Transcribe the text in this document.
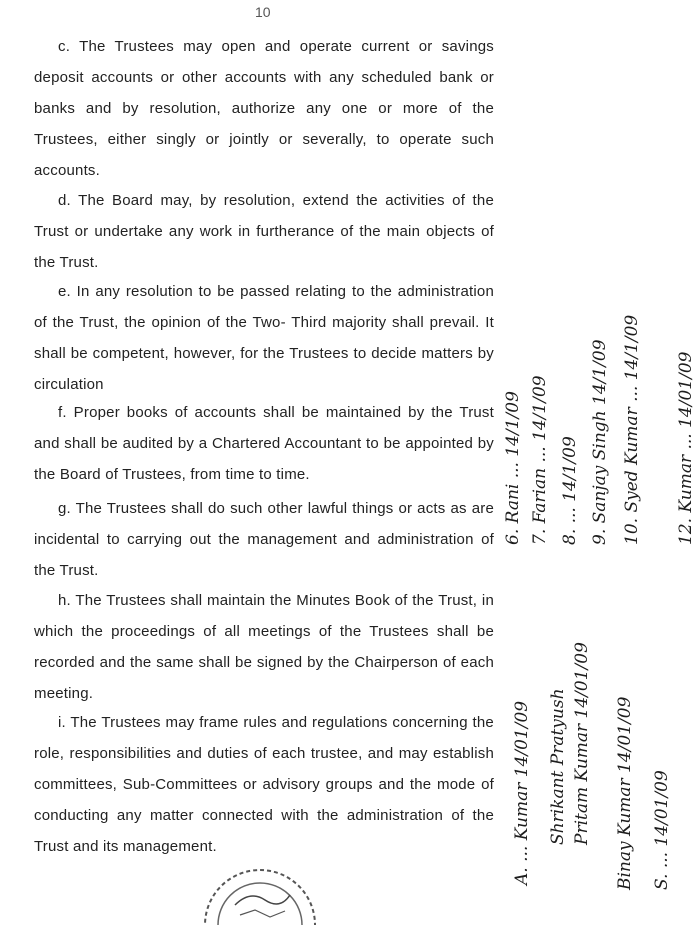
10
c. The Trustees may open and operate current or savings deposit accounts or other accounts with any scheduled bank or banks and by resolution, authorize any one or more of the Trustees, either singly or jointly or severally, to operate such accounts.
d. The Board may, by resolution, extend the activities of the Trust or undertake any work in furtherance of the main objects of the Trust.
e. In any resolution to be passed relating to the administration of the Trust, the opinion of the Two- Third majority shall prevail. It shall be competent, however, for the Trustees to decide matters by circulation
f. Proper books of accounts shall be maintained by the Trust and shall be audited by a Chartered Accountant to be appointed by the Board of Trustees, from time to time.
g. The Trustees shall do such other lawful things or acts as are incidental to carrying out the management and administration of the Trust.
h. The Trustees shall maintain the Minutes Book of the Trust, in which the proceedings of all meetings of the Trustees shall be recorded and the same shall be signed by the Chairperson of each meeting.
i. The Trustees may frame rules and regulations concerning the role, responsibilities and duties of each trustee, and may establish committees, Sub-Committees or advisory groups and the mode of conducting any matter connected with the administration of the Trust and its management.
6. Rani ... 14/1/09 7. Farian ... 14/1/09 8. ... 14/1/09 9. Sanjay Singh 14/1/09 10. Syed Kumar ... 14/1/09 12. Kumar ... 14/01/09
A. ... Kumar 14/01/09 Shrikant Pratyush Pritam Kumar 14/01/09 Binay Kumar 14/01/09 S. ... 14/01/09
